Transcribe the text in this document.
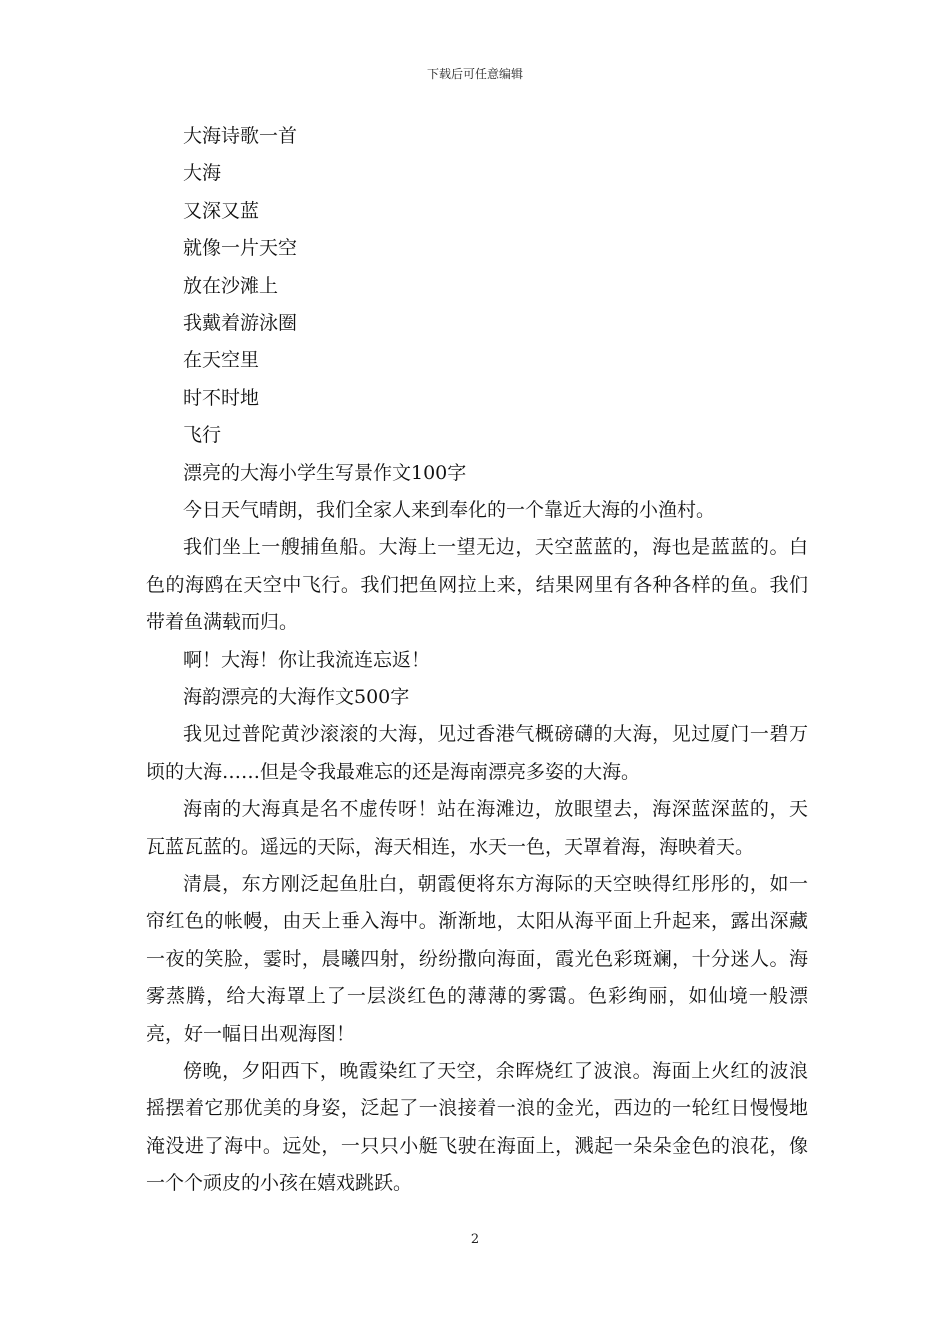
下载后可任意编辑
大海诗歌一首
大海
又深又蓝
就像一片天空
放在沙滩上
我戴着游泳圈
在天空里
时不时地
飞行
漂亮的大海小学生写景作文100字
今日天气晴朗，我们全家人来到奉化的一个靠近大海的小渔村。
我们坐上一艘捕鱼船。大海上一望无边，天空蓝蓝的，海也是蓝蓝的。白色的海鸥在天空中飞行。我们把鱼网拉上来，结果网里有各种各样的鱼。我们带着鱼满载而归。
啊！大海！你让我流连忘返！
海韵漂亮的大海作文500字
我见过普陀黄沙滚滚的大海，见过香港气概磅礴的大海，见过厦门一碧万顷的大海……但是令我最难忘的还是海南漂亮多姿的大海。
海南的大海真是名不虚传呀！站在海滩边，放眼望去，海深蓝深蓝的，天瓦蓝瓦蓝的。遥远的天际，海天相连，水天一色，天罩着海，海映着天。
清晨，东方刚泛起鱼肚白，朝霞便将东方海际的天空映得红彤彤的，如一帘红色的帐幔，由天上垂入海中。渐渐地，太阳从海平面上升起来，露出深藏一夜的笑脸，霎时，晨曦四射，纷纷撒向海面，霞光色彩斑斓，十分迷人。海雾蒸腾，给大海罩上了一层淡红色的薄薄的雾霭。色彩绚丽，如仙境一般漂亮，好一幅日出观海图！
傍晚，夕阳西下，晚霞染红了天空，余晖烧红了波浪。海面上火红的波浪摇摆着它那优美的身姿，泛起了一浪接着一浪的金光，西边的一轮红日慢慢地淹没进了海中。远处，一只只小艇飞驶在海面上，溅起一朵朵金色的浪花，像一个个顽皮的小孩在嬉戏跳跃。
2
